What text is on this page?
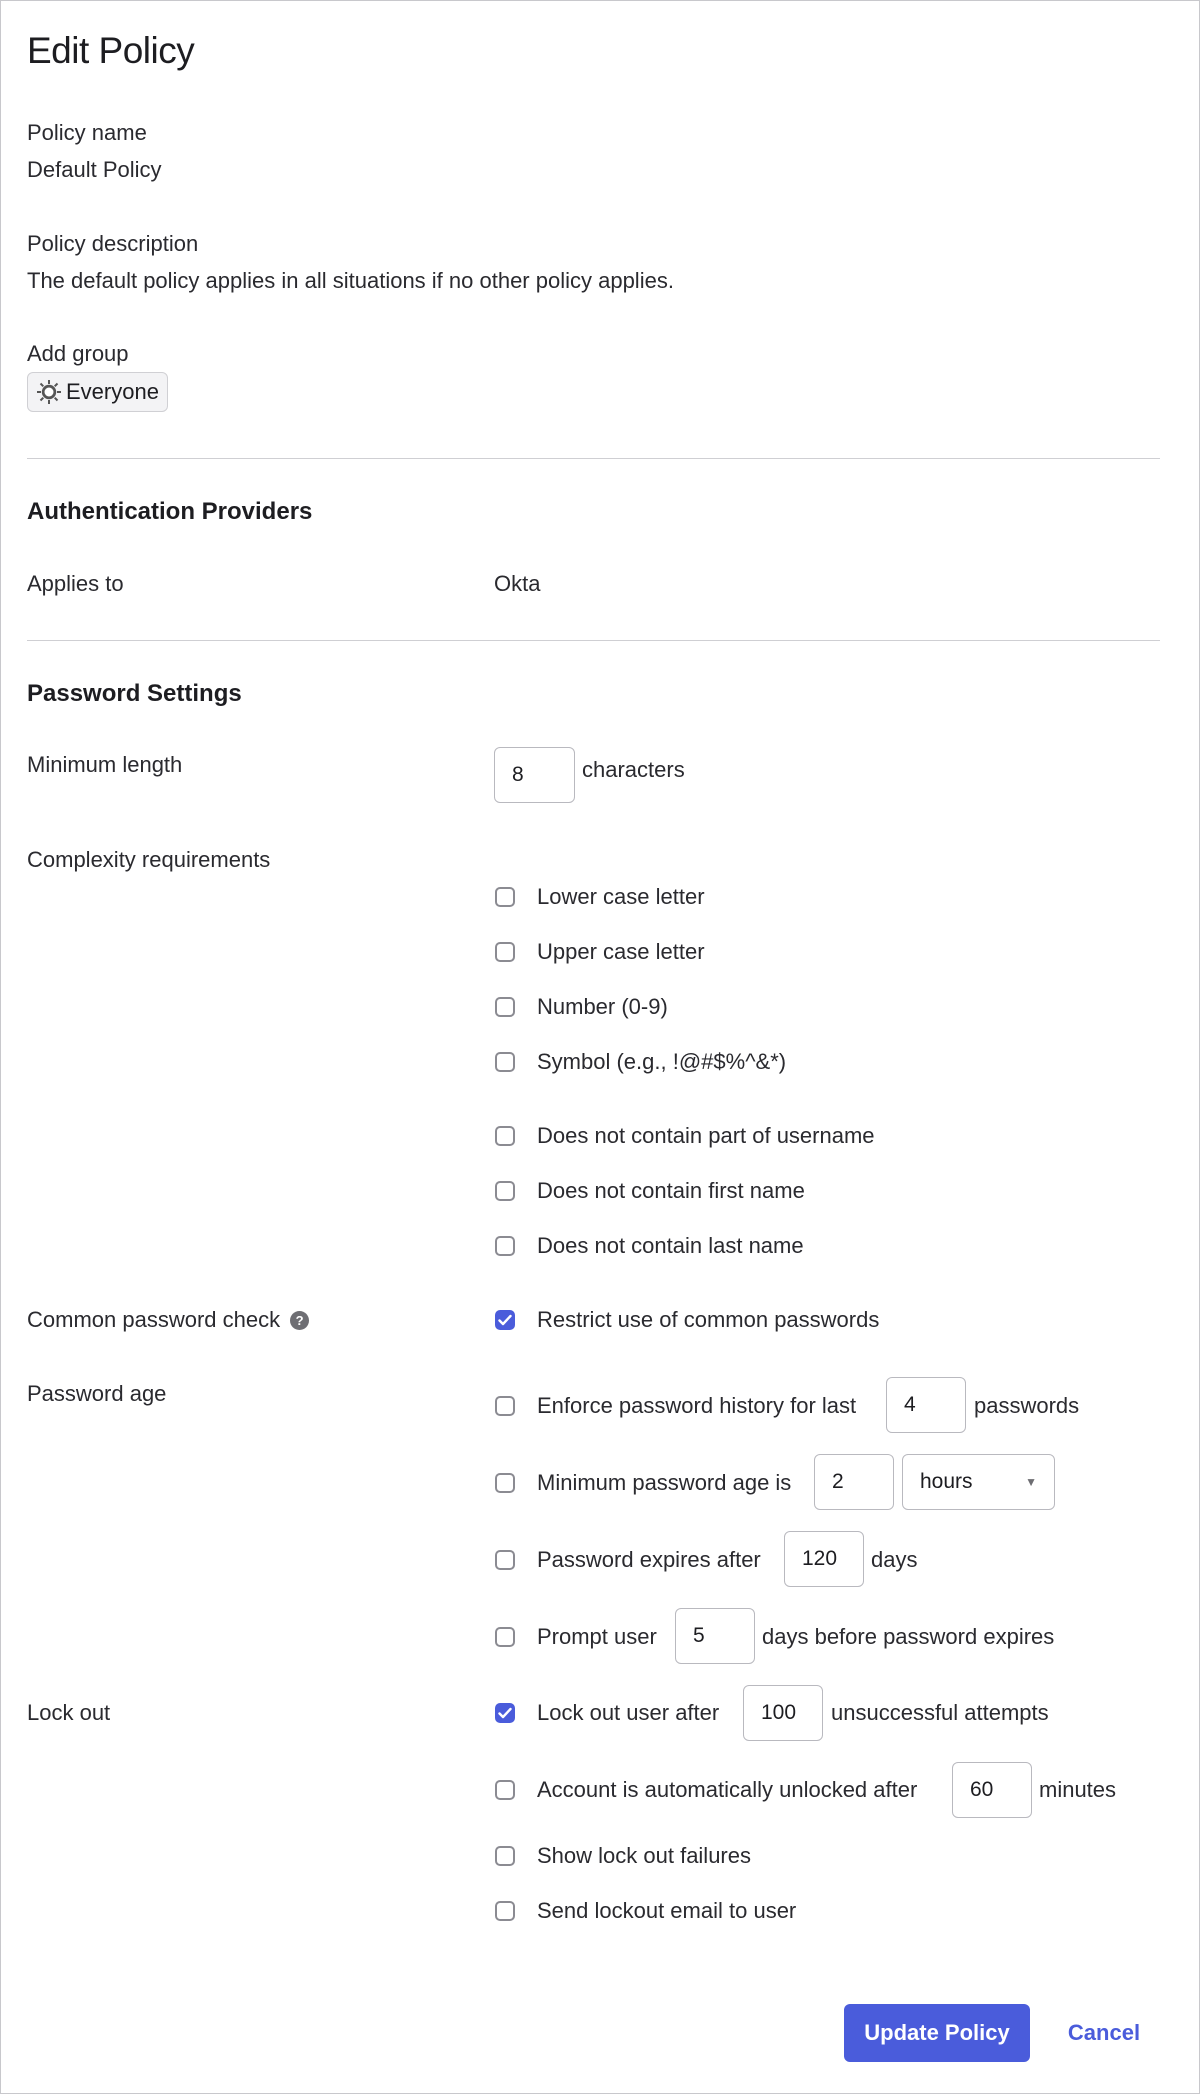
Edit Policy
Policy name
Default Policy
Policy description
The default policy applies in all situations if no other policy applies.
Add group
Everyone
Authentication Providers
Applies to	Okta
Password Settings
Minimum length	8	characters
Complexity requirements
Lower case letter
Upper case letter
Number (0-9)
Symbol (e.g., !@#$%^&*)
Does not contain part of username
Does not contain first name
Does not contain last name
Common password check	?	Restrict use of common passwords
Password age	Enforce password history for last	4	passwords
Minimum password age is	2	hours	▼
Password expires after	120	days
Prompt user	5	days before password expires
Lock out	Lock out user after	100	unsuccessful attempts
Account is automatically unlocked after	60	minutes
Show lock out failures
Send lockout email to user
Update Policy	Cancel
